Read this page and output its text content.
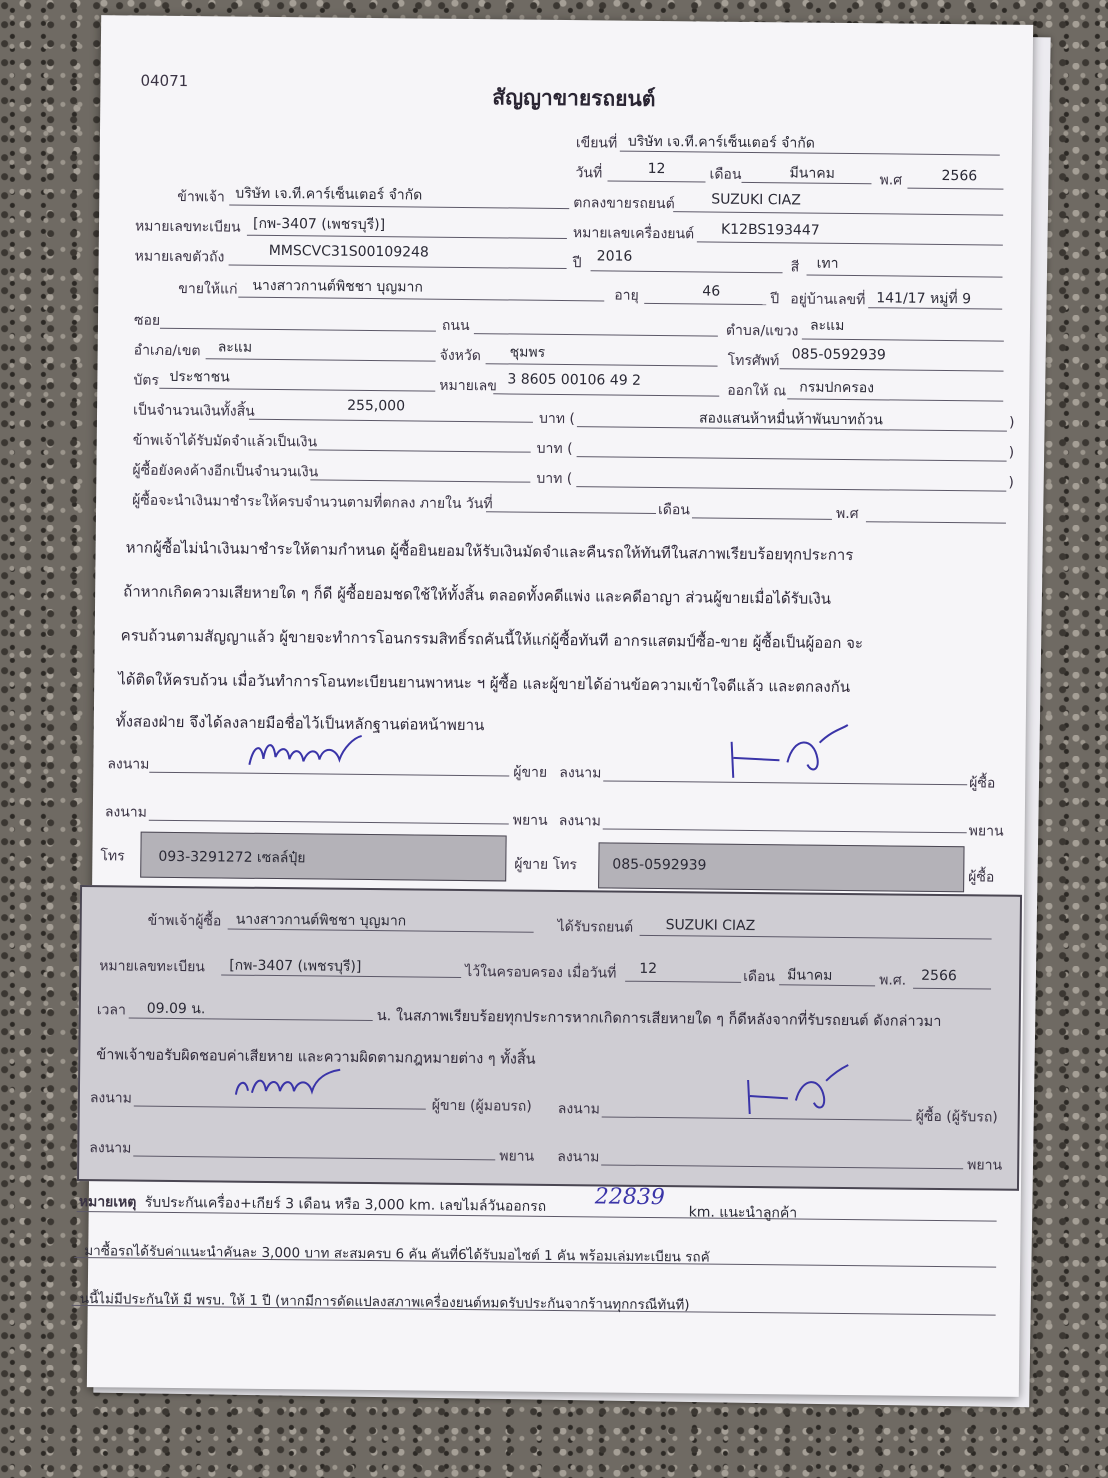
04071
สัญญาขายรถยนต์
เขียนที่ บริษัท เจ.ที.คาร์เซ็นเตอร์ จำกัด
วันที่	12	เดือน	มีนาคม	พ.ศ	2566
ข้าพเจ้า บริษัท เจ.ที.คาร์เซ็นเตอร์ จำกัด
ตกลงขายรถยนต์	SUZUKI CIAZ
หมายเลขทะเบียน [กพ-3407 (เพชรบุรี)]
หมายเลขเครื่องยนต์ K12BS193447
หมายเลขตัวถัง	MMSCVC31S00109248
ปี 2016
สี เทา
ขายให้แก่ นางสาวกานต์พิชชา บุญมาก
อายุ	46	ปี อยู่บ้านเลขที่ 141/17 หมู่ที่ 9
ซอย	ถนน	ตำบล/แขวง ละแม
อำเภอ/เขต ละแม
จังหวัด ชุมพร
โทรศัพท์ 085-0592939
บัตร ประชาชน
หมายเลข 3 8605 00106 49 2
ออกให้ ณ กรมปกครอง
เป็นจำนวนเงินทั้งสิ้น	255,000
บาท (	สองแสนห้าหมื่นห้าพันบาทถ้วน	)
ข้าพเจ้าได้รับมัดจำแล้วเป็นเงิน	บาท (	)
ผู้ซื้อยังคงค้างอีกเป็นจำนวนเงิน	บาท (	)
ผู้ซื้อจะนำเงินมาชำระให้ครบจำนวนตามที่ตกลง ภายใน วันที่	เดือน	พ.ศ
หากผู้ซื้อไม่นำเงินมาชำระให้ตามกำหนด ผู้ซื้อยินยอมให้รับเงินมัดจำและคืนรถให้ทันทีในสภาพเรียบร้อยทุกประการ
ถ้าหากเกิดความเสียหายใด ๆ ก็ดี ผู้ซื้อยอมชดใช้ให้ทั้งสิ้น ตลอดทั้งคดีแพ่ง และคดีอาญา ส่วนผู้ขายเมื่อได้รับเงิน
ครบถ้วนตามสัญญาแล้ว ผู้ขายจะทำการโอนกรรมสิทธิ์รถคันนี้ให้แก่ผู้ซื้อทันที อากรแสตมป์ซื้อ-ขาย ผู้ซื้อเป็นผู้ออก จะ
ได้ติดให้ครบถ้วน เมื่อวันทำการโอนทะเบียนยานพาหนะ ฯ ผู้ซื้อ และผู้ขายได้อ่านข้อความเข้าใจดีแล้ว และตกลงกัน
ทั้งสองฝ่าย จึงได้ลงลายมือชื่อไว้เป็นหลักฐานต่อหน้าพยาน
ลงนาม	ผู้ขาย ลงนาม
ผู้ซื้อ
ลงนาม
พยาน ลงนาม
พยาน
โทร 093-3291272 เซลล์ปุ๋ย	ผู้ขาย โทร	085-0592939
ผู้ซื้อ
ข้าพเจ้าผู้ซื้อ นางสาวกานต์พิชชา บุญมาก	ได้รับรถยนต์ SUZUKI CIAZ
หมายเลขทะเบียน [กพ-3407 (เพชรบุรี)]	ไว้ในครอบครอง เมื่อวันที่ 12	เดือน มีนาคม	พ.ศ. 2566
เวลา 09.09 น.	น. ในสภาพเรียบร้อยทุกประการหากเกิดการเสียหายใด ๆ ก็ดีหลังจากที่รับรถยนต์ ดังกล่าวมา
ข้าพเจ้าขอรับผิดชอบค่าเสียหาย และความผิดตามกฎหมายต่าง ๆ ทั้งสิ้น
ลงนาม	ผู้ขาย (ผู้มอบรถ) ลงนาม	ผู้ซื้อ (ผู้รับรถ)
ลงนาม
พยาน ลงนาม
พยาน
หมายเหตุ รับประกันเครื่อง+เกียร์ 3 เดือน หรือ 3,000 km. เลขไมล์วันออกรถ 22839
km. แนะนำลูกค้า
มาซื้อรถได้รับค่าแนะนำคันละ 3,000 บาท สะสมครบ 6 คัน คันที่6ได้รับมอไซต์ 1 คัน พร้อมเล่มทะเบียน รถคั
นนี้ไม่มีประกันให้ มี พรบ. ให้ 1 ปี (หากมีการดัดแปลงสภาพเครื่องยนต์หมดรับประกันจากร้านทุกกรณีทันที)
